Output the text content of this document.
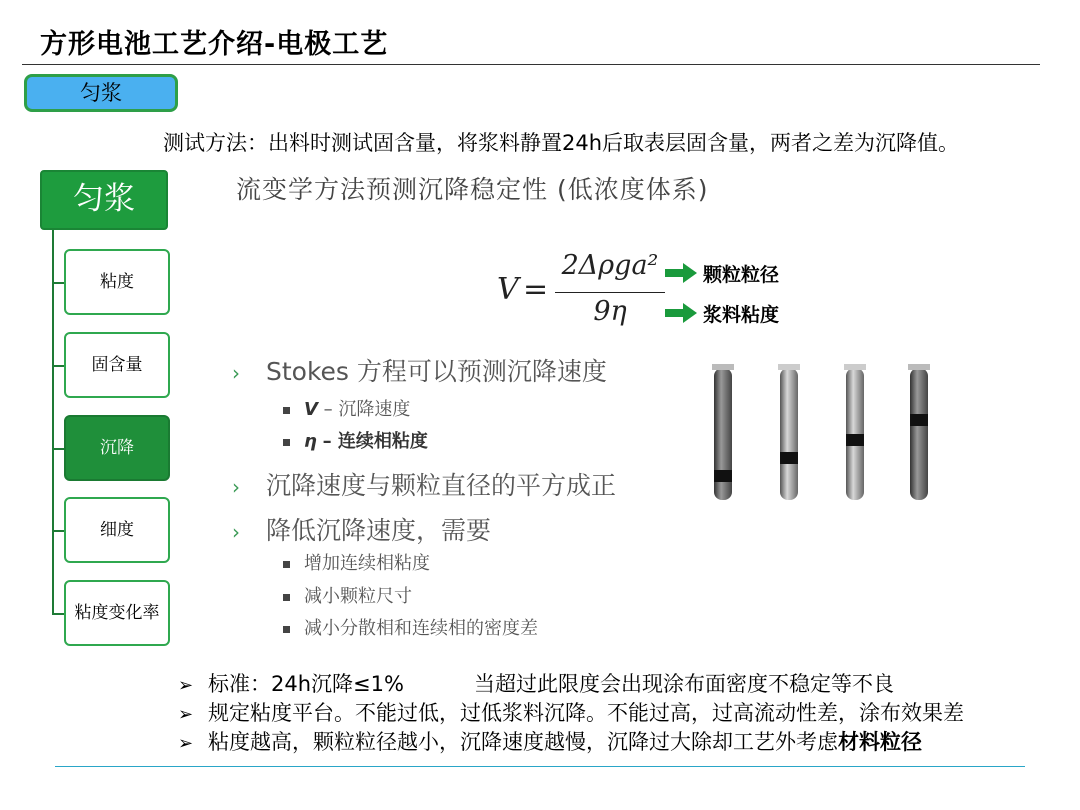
方形电池工艺介绍-电极工艺
匀浆
测试方法：出料时测试固含量，将浆料静置24h后取表层固含量，两者之差为沉降值。
匀浆
粘度
固含量
沉降
细度
粘度变化率
流变学方法预测沉降稳定性 (低浓度体系)
V =
2Δρga²
9η
颗粒粒径
浆料粘度
› Stokes 方程可以预测沉降速度
V – 沉降速度
η – 连续相粘度
› 沉降速度与颗粒直径的平方成正
› 降低沉降速度，需要
增加连续相粘度
减小颗粒尺寸
减小分散相和连续相的密度差
➢ 标准：24h沉降≤1%	当超过此限度会出现涂布面密度不稳定等不良
➢ 规定粘度平台。不能过低，过低浆料沉降。不能过高，过高流动性差，涂布效果差
➢ 粘度越高，颗粒粒径越小，沉降速度越慢，沉降过大除却工艺外考虑材料粒径
